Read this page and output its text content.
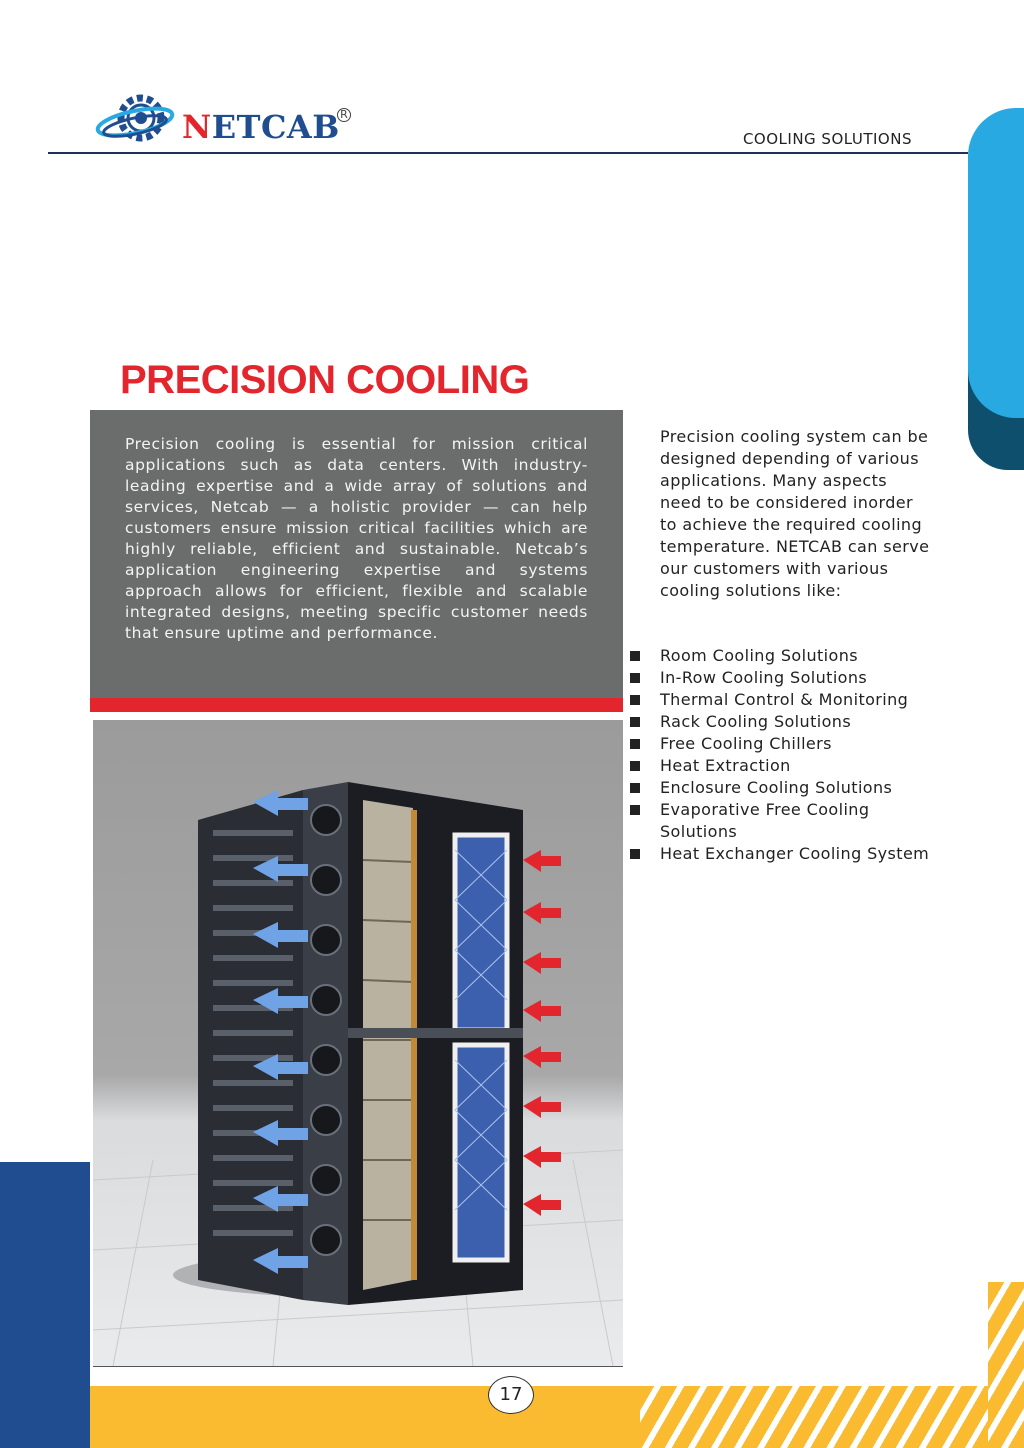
NETCAB R
COOLING SOLUTIONS
PRECISION COOLING
Precision cooling is essential for mission critical applications such as data centers. With industry-leading expertise and a wide array of solutions and services, Netcab — a holistic provider — can help customers ensure mission critical facilities which are highly reliable, efficient and sustainable. Netcab’s application engineering expertise and systems approach allows for efficient, flexible and scalable integrated designs, meeting specific customer needs that ensure uptime and performance.
Precision cooling system can be designed depending of various applications. Many aspects need to be considered inorder to achieve the required cooling temperature. NETCAB can serve our customers with various cooling solutions like:
Room Cooling Solutions
In-Row Cooling Solutions
Thermal Control & Monitoring
Rack Cooling Solutions
Free Cooling Chillers
Heat Extraction
Enclosure Cooling Solutions
Evaporative Free Cooling Solutions
Heat Exchanger Cooling System
17
